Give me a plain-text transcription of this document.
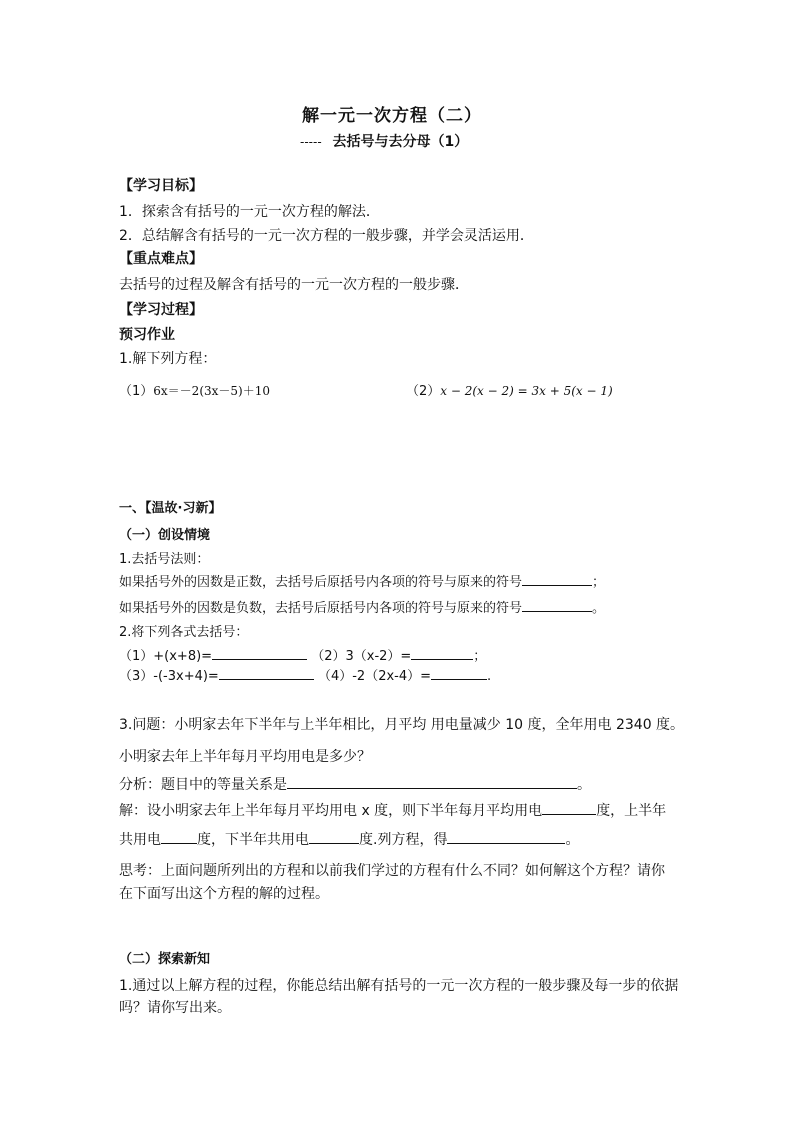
解一元一次方程（二）
----- 去括号与去分母（1）
【学习目标】
1．探索含有括号的一元一次方程的解法．
2．总结解含有括号的一元一次方程的一般步骤，并学会灵活运用．
【重点难点】
去括号的过程及解含有括号的一元一次方程的一般步骤．
【学习过程】
预习作业
1.解下列方程：
（1）6x＝－2(3x－5)＋10	（2）x − 2(x − 2) = 3x + 5(x − 1)
一、【温故·习新】
（一）创设情境
1.去括号法则：
如果括号外的因数是正数，去括号后原括号内各项的符号与原来的符号	；
如果括号外的因数是负数，去括号后原括号内各项的符号与原来的符号	。
2.将下列各式去括号：
（1）+(x+8)=	（2）3（x-2）=	；
（3）-(-3x+4)=	（4）-2（2x-4）=	.
3.问题：小明家去年下半年与上半年相比，月平均 用电量减少 10 度，全年用电 2340 度。
小明家去年上半年每月平均用电是多少？
分析：题目中的等量关系是	。
解：设小明家去年上半年每月平均用电 x 度，则下半年每月平均用电	度，上半年
共用电	度，下半年共用电	度.列方程，得	。
思考：上面问题所列出的方程和以前我们学过的方程有什么不同？如何解这个方程？请你
在下面写出这个方程的解的过程。
（二）探索新知
1.通过以上解方程的过程，你能总结出解有括号的一元一次方程的一般步骤及每一步的依据
吗？请你写出来。
